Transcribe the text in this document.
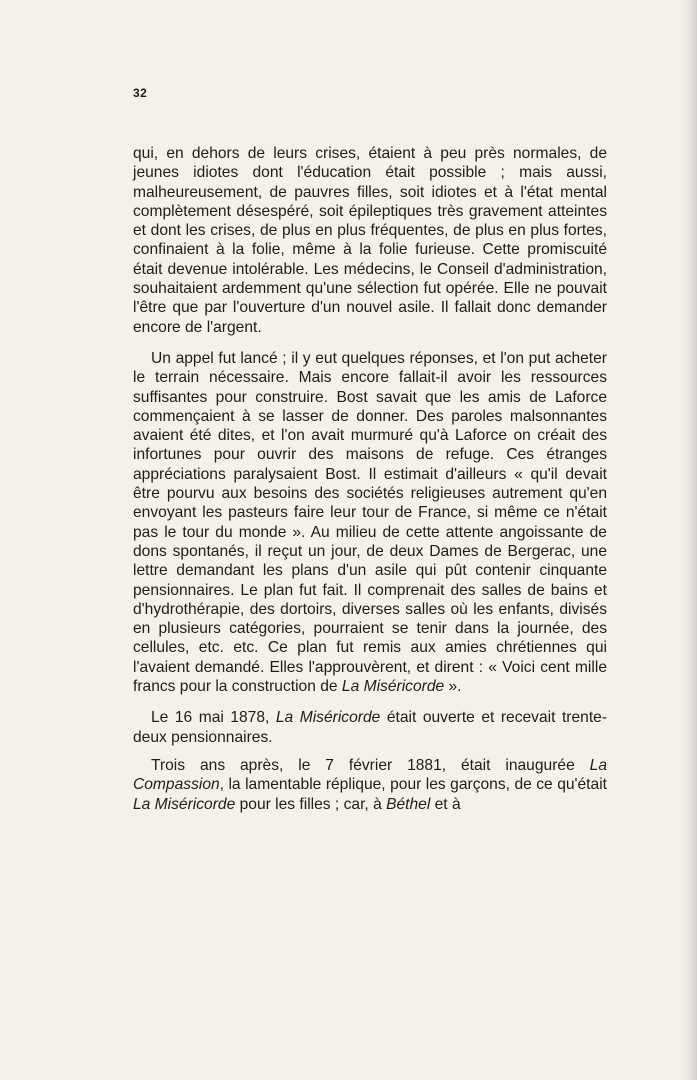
32

qui, en dehors de leurs crises, étaient à peu près normales, de jeunes idiotes dont l'éducation était possible ; mais aussi, malheureusement, de pauvres filles, soit idiotes et à l'état mental complètement désespéré, soit épileptiques très gravement atteintes et dont les crises, de plus en plus fréquentes, de plus en plus fortes, confinaient à la folie, même à la folie furieuse. Cette promiscuité était devenue intolérable. Les médecins, le Conseil d'administration, souhaitaient ardemment qu'une sélection fut opérée. Elle ne pouvait l'être que par l'ouverture d'un nouvel asile. Il fallait donc demander encore de l'argent.

Un appel fut lancé ; il y eut quelques réponses, et l'on put acheter le terrain nécessaire. Mais encore fallait-il avoir les ressources suffisantes pour construire. Bost savait que les amis de Laforce commençaient à se lasser de donner. Des paroles malsonnantes avaient été dites, et l'on avait murmuré qu'à Laforce on créait des infortunes pour ouvrir des maisons de refuge. Ces étranges appréciations paralysaient Bost. Il estimait d'ailleurs « qu'il devait être pourvu aux besoins des sociétés religieuses autrement qu'en envoyant les pasteurs faire leur tour de France, si même ce n'était pas le tour du monde ». Au milieu de cette attente angoissante de dons spontanés, il reçut un jour, de deux Dames de Bergerac, une lettre demandant les plans d'un asile qui pût contenir cinquante pensionnaires. Le plan fut fait. Il comprenait des salles de bains et d'hydrothérapie, des dortoirs, diverses salles où les enfants, divisés en plusieurs catégories, pourraient se tenir dans la journée, des cellules, etc. etc. Ce plan fut remis aux amies chrétiennes qui l'avaient demandé. Elles l'approuvèrent, et dirent : « Voici cent mille francs pour la construction de La Miséricorde ».

Le 16 mai 1878, La Miséricorde était ouverte et recevait trente-deux pensionnaires.

Trois ans après, le 7 février 1881, était inaugurée La Compassion, la lamentable réplique, pour les garçons, de ce qu'était La Miséricorde pour les filles ; car, à Béthel et à
